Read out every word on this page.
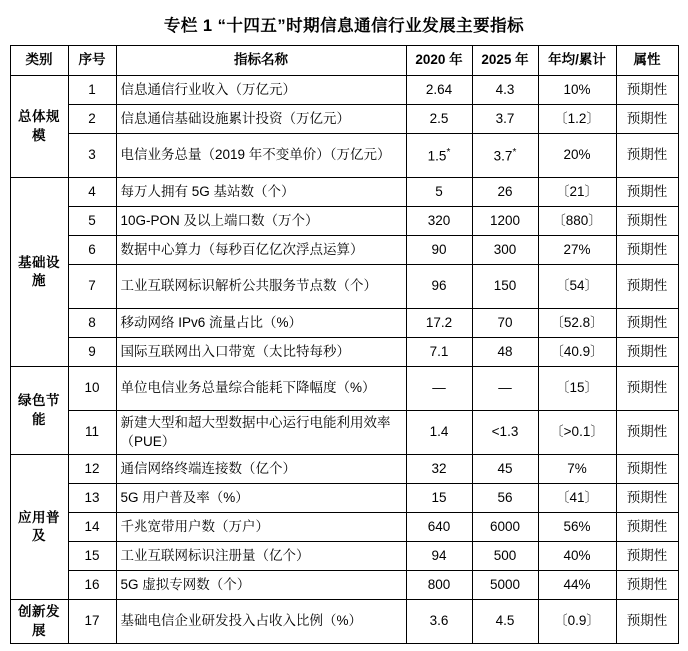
专栏 1 “十四五”时期信息通信行业发展主要指标
类别	序号	指标名称	2020 年	2025 年	年均/累计	属性
总体规模	1	信息通信行业收入（万亿元）	2.64	4.3	10%	预期性
	2	信息通信基础设施累计投资（万亿元）	2.5	3.7	〔1.2〕	预期性
	3	电信业务总量（2019 年不变单价）（万亿元）	1.5*	3.7*	20%	预期性
基础设施	4	每万人拥有 5G 基站数（个）	5	26	〔21〕	预期性
	5	10G-PON 及以上端口数（万个）	320	1200	〔880〕	预期性
	6	数据中心算力（每秒百亿亿次浮点运算）	90	300	27%	预期性
	7	工业互联网标识解析公共服务节点数（个）	96	150	〔54〕	预期性
	8	移动网络 IPv6 流量占比（%）	17.2	70	〔52.8〕	预期性
	9	国际互联网出入口带宽（太比特每秒）	7.1	48	〔40.9〕	预期性
绿色节能	10	单位电信业务总量综合能耗下降幅度（%）	—	—	〔15〕	预期性
	11	新建大型和超大型数据中心运行电能利用效率（PUE）	1.4	<1.3	〔>0.1〕	预期性
应用普及	12	通信网络终端连接数（亿个）	32	45	7%	预期性
	13	5G 用户普及率（%）	15	56	〔41〕	预期性
	14	千兆宽带用户数（万户）	640	6000	56%	预期性
	15	工业互联网标识注册量（亿个）	94	500	40%	预期性
	16	5G 虚拟专网数（个）	800	5000	44%	预期性
创新发展	17	基础电信企业研发投入占收入比例（%）	3.6	4.5	〔0.9〕	预期性
